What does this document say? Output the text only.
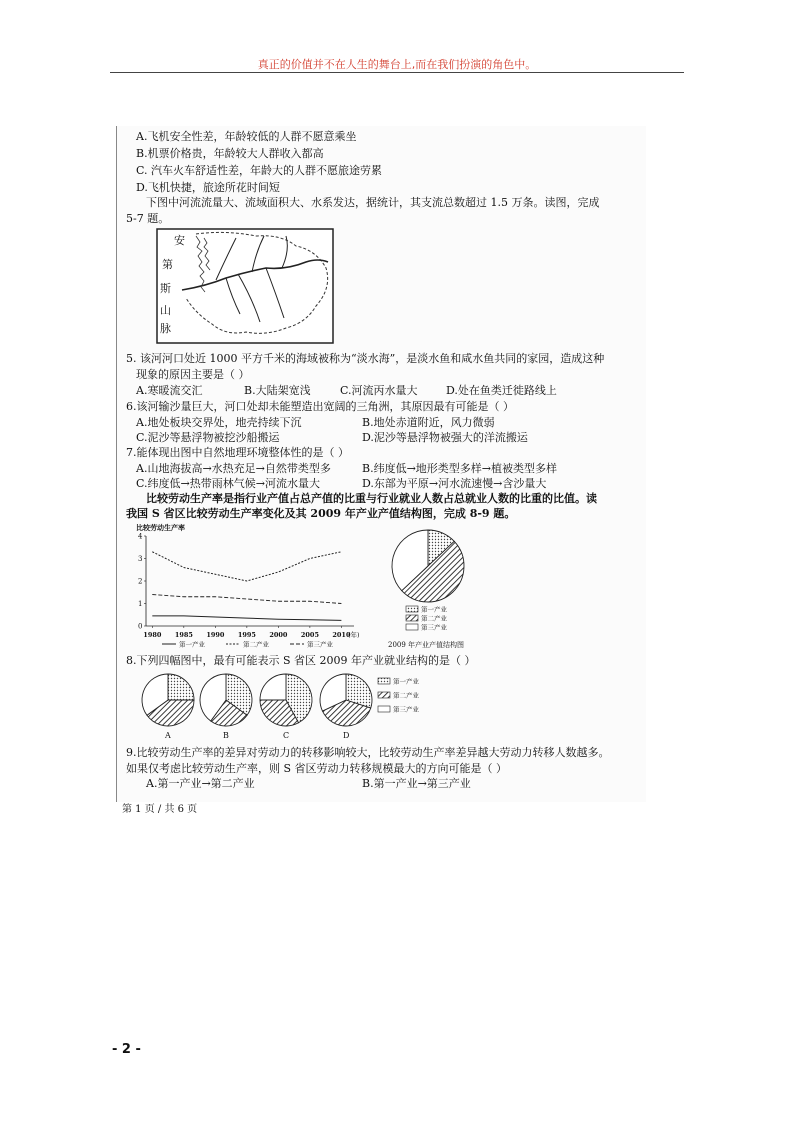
真正的价值并不在人生的舞台上,而在我们扮演的角色中。
A.飞机安全性差，年龄较低的人群不愿意乘坐
B.机票价格贵，年龄较大人群收入都高
C. 汽车火车舒适性差，年龄大的人群不愿旅途劳累
D.飞机快捷，旅途所花时间短
下图中河流流量大、流域面积大、水系发达，据统计，其支流总数超过 1.5 万条。读图，完成
5-7 题。
安
第
斯
山
脉
5. 该河河口处近 1000 平方千米的海域被称为“淡水海”，是淡水鱼和咸水鱼共同的家园，造成这种
现象的原因主要是（ ）
A.寒暖流交汇	B.大陆架宽浅	C.河流丙水量大	D.处在鱼类迁徙路线上
6.该河输沙量巨大，河口处却未能塑造出宽阔的三角洲，其原因最有可能是（ ）
A.地处板块交界处，地壳持续下沉	B.地处赤道附近，风力微弱
C.泥沙等悬浮物被挖沙船搬运	D.泥沙等悬浮物被强大的洋流搬运
7.能体现出图中自然地理环境整体性的是（ ）
A.山地海拔高→水热充足→自然带类型多	B.纬度低→地形类型多样→植被类型多样
C.纬度低→热带雨林气候→河流水量大	D.东部为平原→河水流速慢→含沙量大
比较劳动生产率是指行业产值占总产值的比重与行业就业人数占总就业人数的比重的比值。读
我国 S 省区比较劳动生产率变化及其 2009 年产业产值结构图，完成 8-9 题。
比较劳动生产率
0
1
2
3
4
1980 1985 1990 1995 2000 2005 2010
(年)
第一产业	第二产业	第三产业
第一产业
第二产业
第三产业
2009 年产业产值结构图
8.下列四幅图中，最有可能表示 S 省区 2009 年产业就业结构的是（ ）
A	B	C	D
第一产业
第二产业
第三产业
9.比较劳动生产率的差异对劳动力的转移影响较大，比较劳动生产率差异越大劳动力转移人数越多。
如果仅考虑比较劳动生产率，则 S 省区劳动力转移规模最大的方向可能是（ ）
A.第一产业→第二产业	B.第一产业→第三产业
第 1 页 / 共 6 页
- 2 -
